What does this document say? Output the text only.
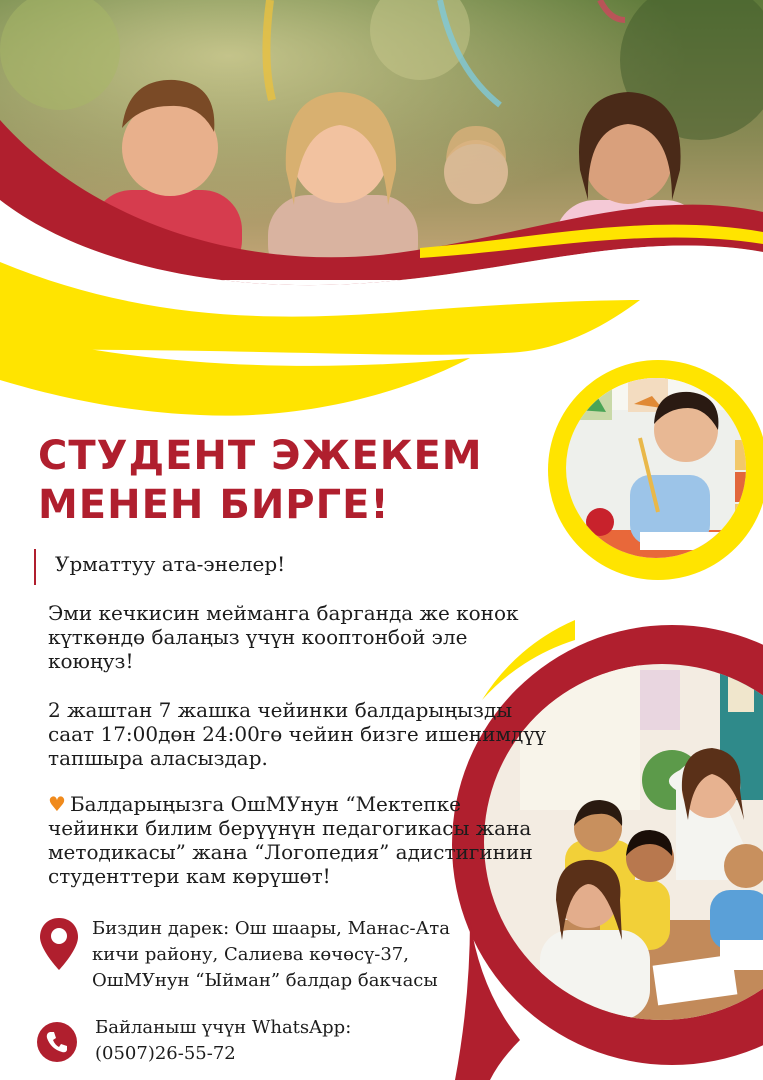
СТУДЕНТ ЭЖЕКЕМ
МЕНЕН БИРГЕ!

Урматтуу ата-энелер!

Эми кечкисин мейманга барганда же конок күткөндө балаңыз үчүн кооптонбой эле коюңуз!

2 жаштан 7 жашка чейинки балдарыңызды саат 17:00дөн 24:00гө чейин бизге ишенимдүү тапшыра аласыздар.

♥ Балдарыңызга ОшМУнун “Мектепке чейинки билим берүүнүн педагогикасы жана методикасы” жана “Логопедия” адистигинин студенттери кам көрүшөт!

Биздин дарек: Ош шаары, Манас-Ата кичи району, Салиева көчөсү-37, ОшМУнун “Ыйман” балдар бакчасы

Байланыш үчүн WhatsApp:
(0507)26-55-72
